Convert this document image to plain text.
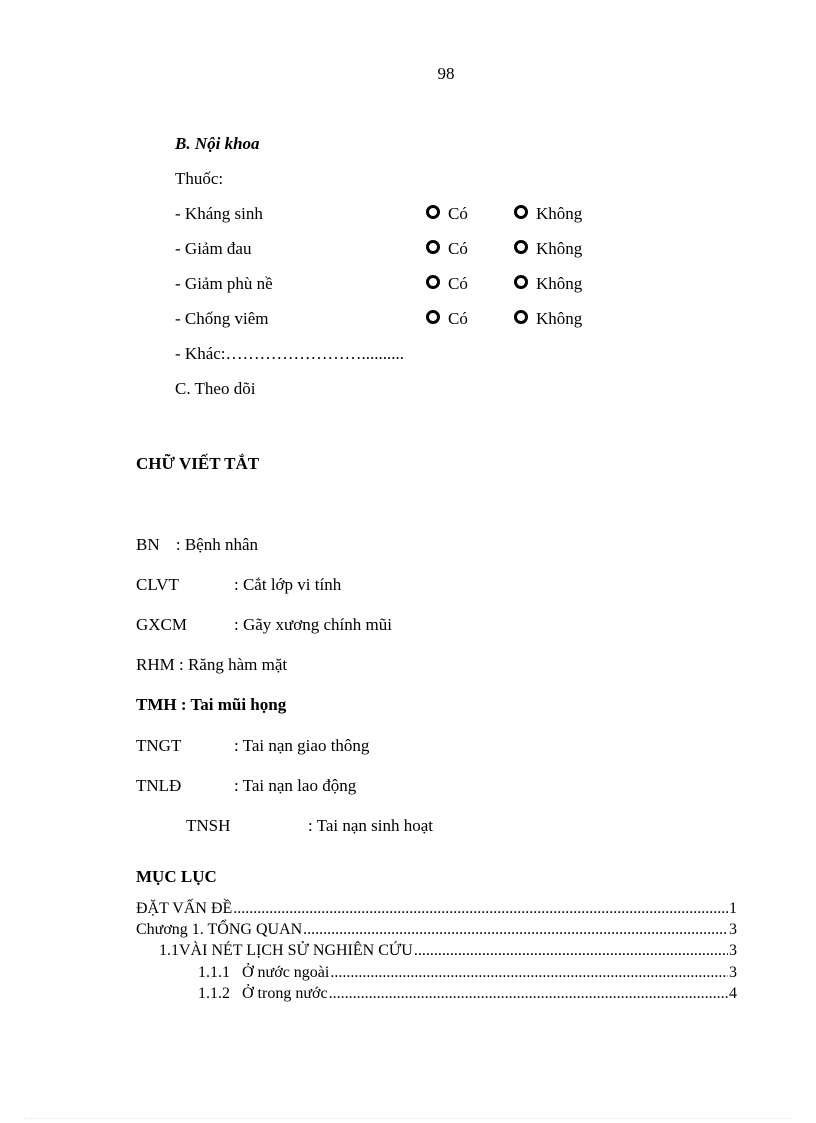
98
B. Nội khoa
Thuốc:
- Kháng sinh	Có	Không
- Giảm đau	Có	Không
- Giảm phù nề	Có	Không
- Chống viêm	Có	Không
- Khác:……………………..........
C. Theo dõi
CHỮ VIẾT TẮT
BN : Bệnh nhân
CLVT	: Cắt lớp vi tính
GXCM	: Gãy xương chính mũi
RHM : Răng hàm mặt
TMH : Tai mũi họng
TNGT	: Tai nạn giao thông
TNLĐ	: Tai nạn lao động
TNSH	: Tai nạn sinh hoạt
MỤC LỤC
ĐẶT VẤN ĐỀ .....	1
Chương 1. TỔNG QUAN .....	3
1.1VÀI NÉT LỊCH SỬ NGHIÊN CỨU .....	3
1.1.1   Ở nước ngoài .....	3
1.1.2   Ở trong nước .....	4
